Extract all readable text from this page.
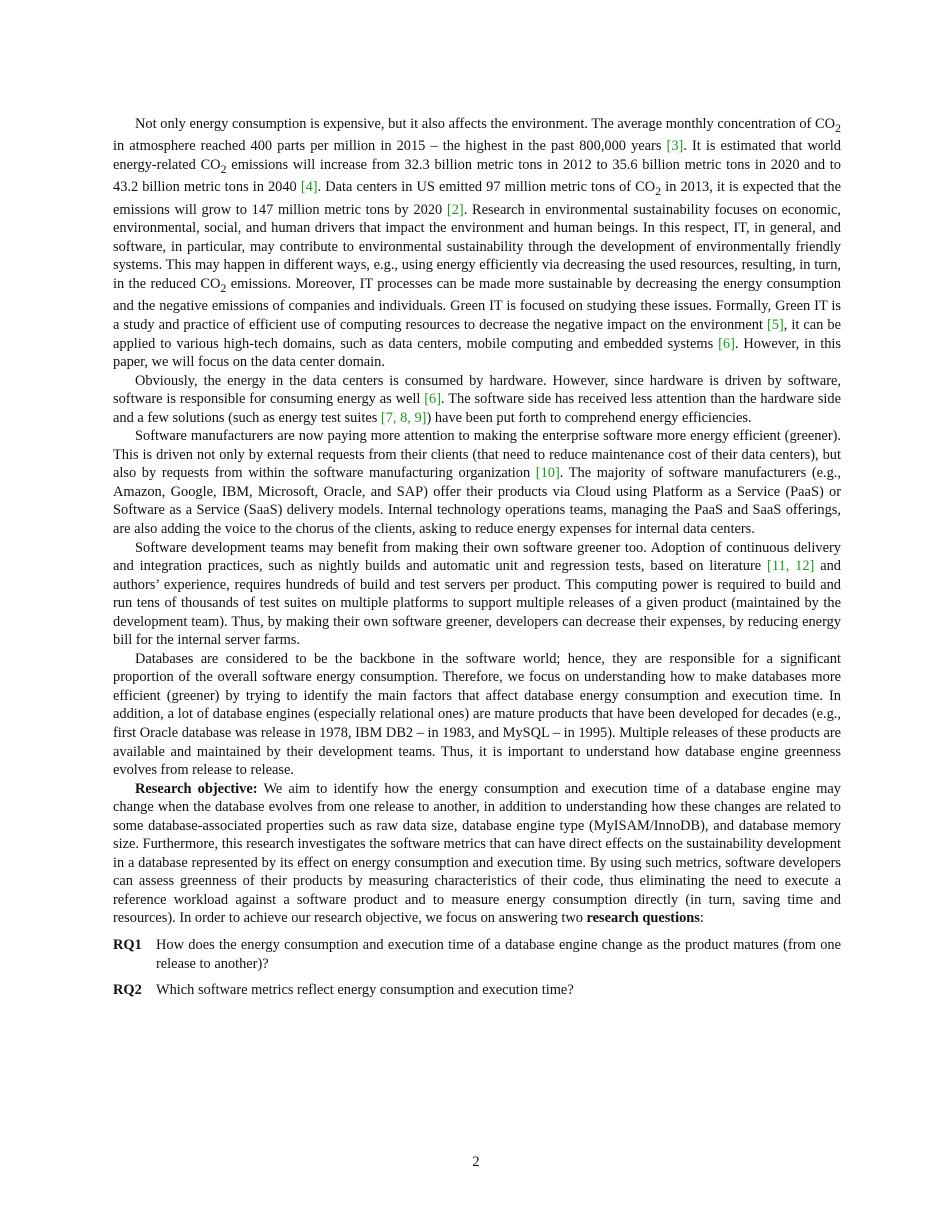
Not only energy consumption is expensive, but it also affects the environment. The average monthly concentration of $CO_2$ in atmosphere reached 400 parts per million in 2015 – the highest in the past 800,000 years [3]. It is estimated that world energy-related $CO_2$ emissions will increase from 32.3 billion metric tons in 2012 to 35.6 billion metric tons in 2020 and to 43.2 billion metric tons in 2040 [4]. Data centers in US emitted 97 million metric tons of $CO_2$ in 2013, it is expected that the emissions will grow to 147 million metric tons by 2020 [2]. Research in environmental sustainability focuses on economic, environmental, social, and human drivers that impact the environment and human beings. In this respect, IT, in general, and software, in particular, may contribute to environmental sustainability through the development of environmentally friendly systems. This may happen in different ways, e.g., using energy efficiently via decreasing the used resources, resulting, in turn, in the reduced $CO_2$ emissions. Moreover, IT processes can be made more sustainable by decreasing the energy consumption and the negative emissions of companies and individuals. Green IT is focused on studying these issues. Formally, Green IT is a study and practice of efficient use of computing resources to decrease the negative impact on the environment [5], it can be applied to various high-tech domains, such as data centers, mobile computing and embedded systems [6]. However, in this paper, we will focus on the data center domain.

Obviously, the energy in the data centers is consumed by hardware. However, since hardware is driven by software, software is responsible for consuming energy as well [6]. The software side has received less attention than the hardware side and a few solutions (such as energy test suites [7, 8, 9]) have been put forth to comprehend energy efficiencies.

Software manufacturers are now paying more attention to making the enterprise software more energy efficient (greener). This is driven not only by external requests from their clients (that need to reduce maintenance cost of their data centers), but also by requests from within the software manufacturing organization [10]. The majority of software manufacturers (e.g., Amazon, Google, IBM, Microsoft, Oracle, and SAP) offer their products via Cloud using Platform as a Service (PaaS) or Software as a Service (SaaS) delivery models. Internal technology operations teams, managing the PaaS and SaaS offerings, are also adding the voice to the chorus of the clients, asking to reduce energy expenses for internal data centers.

Software development teams may benefit from making their own software greener too. Adoption of continuous delivery and integration practices, such as nightly builds and automatic unit and regression tests, based on literature [11, 12] and authors’ experience, requires hundreds of build and test servers per product. This computing power is required to build and run tens of thousands of test suites on multiple platforms to support multiple releases of a given product (maintained by the development team). Thus, by making their own software greener, developers can decrease their expenses, by reducing energy bill for the internal server farms.

Databases are considered to be the backbone in the software world; hence, they are responsible for a significant proportion of the overall software energy consumption. Therefore, we focus on understanding how to make databases more efficient (greener) by trying to identify the main factors that affect database energy consumption and execution time. In addition, a lot of database engines (especially relational ones) are mature products that have been developed for decades (e.g., first Oracle database was release in 1978, IBM DB2 – in 1983, and MySQL – in 1995). Multiple releases of these products are available and maintained by their development teams. Thus, it is important to understand how database engine greenness evolves from release to release.

Research objective: We aim to identify how the energy consumption and execution time of a database engine may change when the database evolves from one release to another, in addition to understanding how these changes are related to some database-associated properties such as raw data size, database engine type (MyISAM/InnoDB), and database memory size. Furthermore, this research investigates the software metrics that can have direct effects on the sustainability development in a database represented by its effect on energy consumption and execution time. By using such metrics, software developers can assess greenness of their products by measuring characteristics of their code, thus eliminating the need to execute a reference workload against a software product and to measure energy consumption directly (in turn, saving time and resources). In order to achieve our research objective, we focus on answering two research questions:

RQ1 How does the energy consumption and execution time of a database engine change as the product matures (from one release to another)?
RQ2 Which software metrics reflect energy consumption and execution time?
2
